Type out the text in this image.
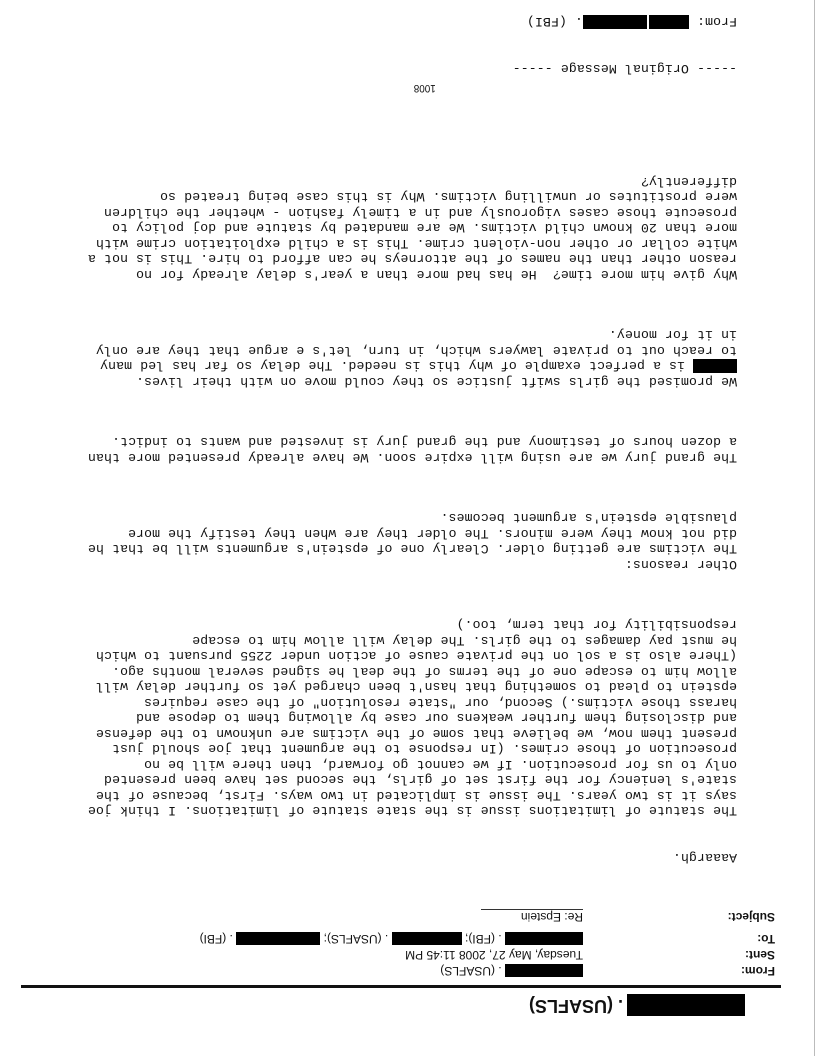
. (USAFLS)
From:
. (USAFLS)
Sent:
Tuesday, May 27, 2008 11:45 PM
To:
. (FBI);  . (USAFLS);  . (FBI)
Subject:
Re: Epstein

Aaaargh.

The statute of limitations issue is the state statute of limitations. I think joe
says it is two years. The issue is implicated in two ways. First, because of the
state's leniency for the first set of girls, the second set have been presented
only to us for prosecution. If we cannot go forward, then there will be no
prosecution of those crimes. (In response to the argument that joe should just
present them now, we believe that some of the victims are unknown to the defense
and disclosing them further weakens our case by allowing them to depose and
harass those victims.) Second, our "state resolution" of the case requires
epstein to plead to something that hasn't been charged yet so further delay will
allow him to escape one of the terms of the deal he signed several months ago.
(There also is a sol on the private cause of action under 2255 pursuant to which
he must pay damages to the girls. The delay will allow him to escape
responsibility for that term, too.)

Other reasons:
The victims are getting older. Clearly one of epstein's arguments will be that he
did not know they were minors. The older they are when they testify the more
plausible epstein's argument becomes.

The grand jury we are using will expire soon. We have already presented more than
a dozen hours of testimony and the grand jury is invested and wants to indict.

We promised the girls swift justice so they could move on with their lives.
is a perfect example of why this is needed. The delay so far has led many
to reach out to private lawyers which, in turn, let's e argue that they are only
in it for money.

Why give him more time?  He has had more than a year's delay already for no
reason other than the names of the attorneys he can afford to hire. This is not a
white collar or other non-violent crime. This is a child exploitation crime with
more than 20 known child victims. We are mandated by statute and doj policy to
prosecute those cases vigorously and in a timely fashion - whether the children
were prostitutes or unwilling victims. Why is this case being treated so
differently?

----- Original Message -----

From: . (FBI)

1008
